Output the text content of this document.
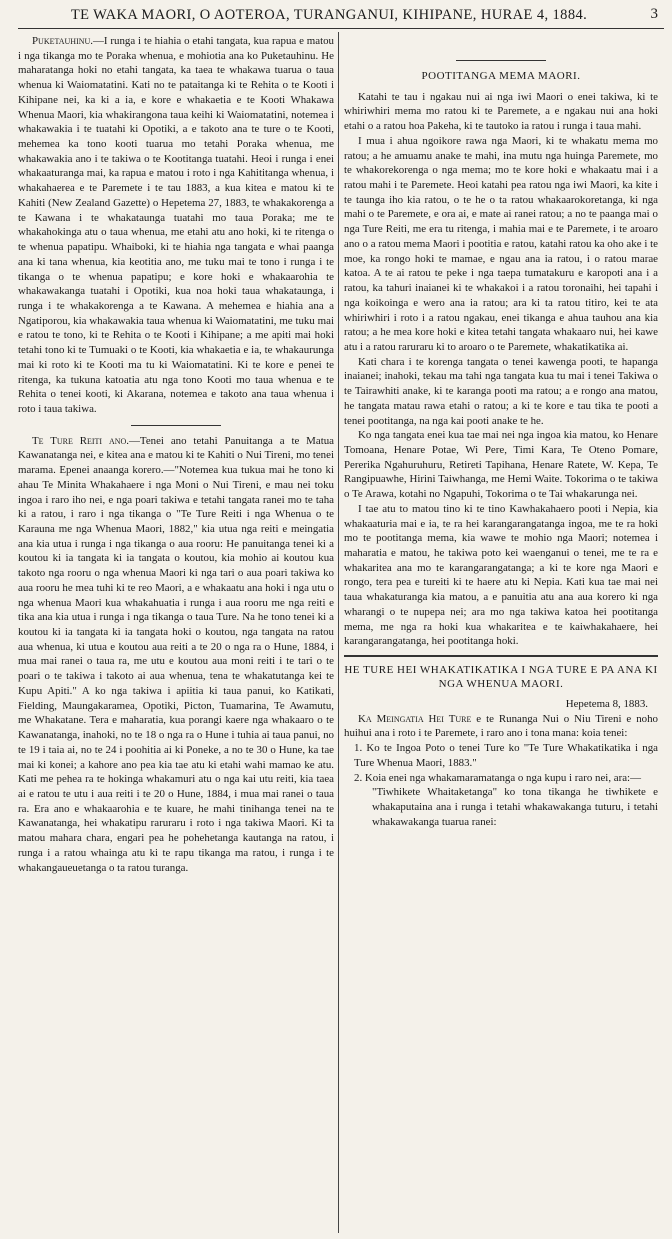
TE WAKA MAORI, O AOTEROA, TURANGANUI, KIHIPANE, HURAE 4, 1884.	3

Puketauhinu.—I runga i te hiahia o etahi tangata, kua rapua e matou i nga tikanga mo te Poraka whenua, e mohiotia ana ko Puketauhinu. He maharatanga hoki no etahi tangata, ka taea te whakawa tuarua o taua whenua ki Waiomatatini. Kati no te pataitanga ki te Rehita o te Kooti i Kihipane nei, ka ki a ia, e kore e whakaetia e te Kooti Whakawa Whenua Maori, kia whakirangona taua keihi ki Waiomatatini, notemea i whakawakia i te tuatahi ki Opotiki, a e takoto ana te ture o te Kooti, mehemea ka tono kooti tuarua mo tetahi Poraka whenua, me whakawakia ano i te takiwa o te Kootitanga tuatahi. Heoi i runga i enei whakaaturanga mai, ka rapua e matou i roto i nga Kahititanga whenua, i whakahaerea e te Paremete i te tau 1883, a kua kitea e matou ki te Kahiti (New Zealand Gazette) o Hepetema 27, 1883, te whakakorenga a te Kawana i te whakataunga tuatahi mo taua Poraka; me te whakahokinga atu o taua whenua, me etahi atu ano hoki, ki te ritenga o te whenua papatipu. Whaiboki, ki te hiahia nga tangata e whai paanga ana ki tana whenua, kia keotitia ano, me tuku mai te tono i runga i te tikanga o te whenua papatipu; e kore hoki e whakaarohia te whakawakanga tuatahi i Opotiki, kua noa hoki taua whakataunga, i runga i te whakakorenga a te Kawana. A mehemea e hiahia ana a Ngatiporou, kia whakawakia taua whenua ki Waiomatatini, me tuku mai e ratou te tono, ki te Rehita o te Kooti i Kihipane; a me apiti mai hoki tetahi tono ki te Tumuaki o te Kooti, kia whakaetia e ia, te whakaurunga mai ki roto ki te Kooti ma tu ki Waiomatatini. Ki te kore e penei te ritenga, ka tukuna katoatia atu nga tono Kooti mo taua whenua e te Rehita o tenei kooti, ki Akarana, notemea e takoto ana taua whenua i roto i taua takiwa.

Te Ture Reiti ano.—Tenei ano tetahi Panuitanga a te Matua Kawanatanga nei, e kitea ana e matou ki te Kahiti o Nui Tireni, mo tenei marama. Epenei anaanga korero.—"Notemea kua tukua mai he tono ki ahau Te Minita Whakahaere i nga Moni o Nui Tireni, e mau nei toku ingoa i raro iho nei, e nga poari takiwa e tetahi tangata ranei mo te taha ki a ratou, i raro i nga tikanga o "Te Ture Reiti i nga Whenua o te Karauna me nga Whenua Maori, 1882," kia utua nga reiti e meingatia ana kia utua i runga i nga tikanga o aua rooru: He panuitanga tenei ki a koutou ki ia tangata ki ia tangata o koutou, kia mohio ai koutou kua takoto nga rooru o nga whenua Maori ki nga tari o aua poari takiwa ko aua rooru he mea tuhi ki te reo Maori, a e whakaatu ana hoki i nga utu o nga whenua Maori kua whakahuatia i runga i aua rooru me nga reiti e tika ana kia utua i runga i nga tikanga o taua Ture. Na he tono tenei ki a koutou ki ia tangata ki ia tangata hoki o koutou, nga tangata na ratou aua whenua, ki utua e koutou aua reiti a te 20 o nga ra o Hune, 1884, i mua mai ranei o taua ra, me utu e koutou aua moni reiti i te tari o te poari o te takiwa i takoto ai aua whenua, tena te whakatutanga kei te Kupu Apiti." A ko nga takiwa i apiitia ki taua panui, ko Katikati, Fielding, Maungakaramea, Opotiki, Picton, Tuamarina, Te Awamutu, me Whakatane. Tera e maharatia, kua porangi kaere nga whakaaro o te Kawanatanga, inahoki, no te 18 o nga ra o Hune i tuhia ai taua panui, no te 19 i taia ai, no te 24 i poohitia ai ki Poneke, a no te 30 o Hune, ka tae mai ki konei; a kahore ano pea kia tae atu ki etahi wahi mamao ke atu. Kati me pehea ra te hokinga whakamuri atu o nga kai utu reiti, kia taea ai e ratou te utu i aua reiti i te 20 o Hune, 1884, i mua mai ranei o taua ra. Era ano e whakaarohia e te kuare, he mahi tinihanga tenei na te Kawanatanga, hei whakatipu raruraru i roto i nga takiwa Maori. Ki ta matou mahara chara, engari pea he pohehetanga kautanga na ratou, i runga i a ratou whainga atu ki te rapu tikanga ma ratou, i runga i te whakangaueuetanga o ta ratou turanga.

POOTITANGA MEMA MAORI.

Katahi te tau i ngakau nui ai nga iwi Maori o enei takiwa, ki te whiriwhiri mema mo ratou ki te Paremete, a e ngakau nui ana hoki etahi o a ratou hoa Pakeha, ki te tautoko ia ratou i runga i taua mahi.

I mua i ahua ngoikore rawa nga Maori, ki te whakatu mema mo ratou; a he amuamu anake te mahi, ina mutu nga huinga Paremete, mo te whakorekorenga o nga mema; mo te kore hoki e whakaatu mai i a ratou mahi i te Paremete. Heoi katahi pea ratou nga iwi Maori, ka kite i te taunga iho kia ratou, o te he o ta ratou whakaarokoretanga, ki nga mahi o te Paremete, e ora ai, e mate ai ranei ratou; a no te paanga mai o nga Ture Reiti, me era tu ritenga, i mahia mai e te Paremete, i te aroaro ano o a ratou mema Maori i pootitia e ratou, katahi ratou ka oho ake i te moe, ka rongo hoki te mamae, e ngau ana ia ratou, i o ratou marae katoa. A te ai ratou te peke i nga taepa tumatakuru e karopoti ana i a ratou, ka tahuri inaianei ki te whakakoi i a ratou toronaihi, hei tapahi i nga koikoinga e wero ana ia ratou; ara ki ta ratou titiro, kei te ata whiriwhiri i roto i a ratou ngakau, enei tikanga e ahua tauhou ana kia ratou; a he mea kore hoki e kitea tetahi tangata whakaaro nui, hei kawe atu i a ratou raruraru ki to aroaro o te Paremete, whakatikatika ai.

Kati chara i te korenga tangata o tenei kawenga pooti, te hapanga inaianei; inahoki, tekau ma tahi nga tangata kua tu mai i tenei Takiwa o te Tairawhiti anake, ki te karanga pooti ma ratou; a e rongo ana matou, he tangata matau rawa etahi o ratou; a ki te kore e tau tika te pooti a tenei pootitanga, na nga kai pooti anake te he.

Ko nga tangata enei kua tae mai nei nga ingoa kia matou, ko Henare Tomoana, Henare Potae, Wi Pere, Timi Kara, Te Oteno Pomare, Pererika Ngahuruhuru, Retireti Tapihana, Henare Ratete, W. Kepa, Te Rangipuawhe, Hirini Taiwhanga, me Hemi Waite. Tokorima o te takiwa o Te Arawa, kotahi no Ngapuhi, Tokorima o te Tai whakarunga nei.

I tae atu to matou tino ki te tino Kawhakahaero pooti i Nepia, kia whakaaturia mai e ia, te ra hei karangarangatanga ingoa, me te ra hoki mo te pootitanga mema, kia wawe te mohio nga Maori; notemea i maharatia e matou, he takiwa poto kei waenganui o tenei, me te ra e whakaritea ana mo te karangarangatanga; a ki te kore nga Maori e rongo, tera pea e tureiti ki te haere atu ki Nepia. Kati kua tae mai nei taua whakaturanga kia matou, a e panuitia atu ana aua korero ki nga wharangi o te nupepa nei; ara mo nga takiwa katoa hei pootitanga mema, me nga ra hoki kua whakaritea e te kaiwhakahaere, hei karangarangatanga, hei pootitanga hoki.

HE TURE HEI WHAKATIKATIKA I NGA TURE E PA ANA KI NGA WHENUA MAORI.

Hepetema 8, 1883.

Ka Meingatia Hei Ture e te Runanga Nui o Niu Tireni e noho huihui ana i roto i te Paremete, i raro ano i tona mana: koia tenei:

1. Ko te Ingoa Poto o tenei Ture ko "Te Ture Whakatikatika i nga Ture Whenua Maori, 1883."

2. Koia enei nga whakamaramatanga o nga kupu i raro nei, ara:—

"Tiwhikete Whaitaketanga" ko tona tikanga he tiwhikete e whakaputaina ana i runga i tetahi whakawakanga tuturu, i tetahi whakawakanga tuarua ranei:
